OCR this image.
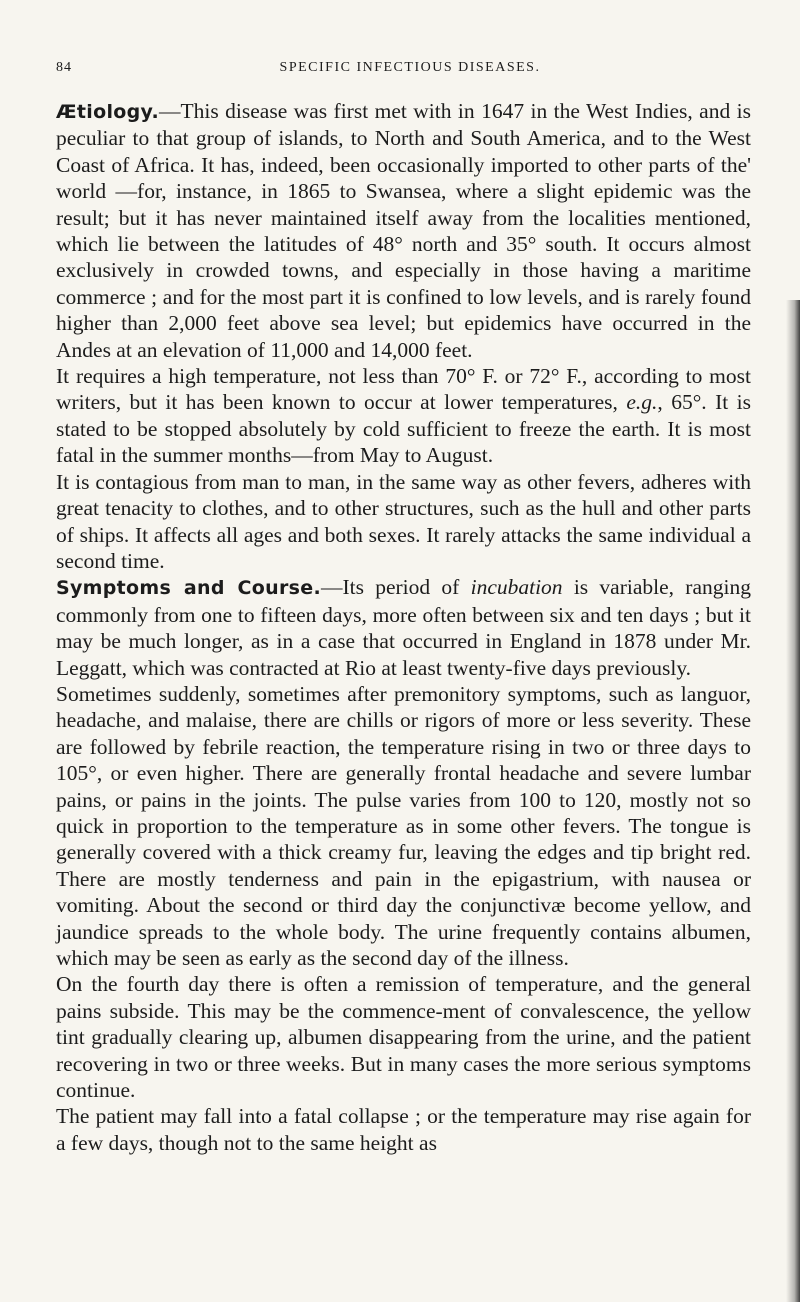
84	SPECIFIC INFECTIOUS DISEASES.

Ætiology.—This disease was first met with in 1647 in the West Indies, and is peculiar to that group of islands, to North and South America, and to the West Coast of Africa. It has, indeed, been occasionally imported to other parts of the' world —for, instance, in 1865 to Swansea, where a slight epidemic was the result; but it has never maintained itself away from the localities mentioned, which lie between the latitudes of 48° north and 35° south. It occurs almost exclusively in crowded towns, and especially in those having a maritime commerce ; and for the most part it is confined to low levels, and is rarely found higher than 2,000 feet above sea level; but epidemics have occurred in the Andes at an elevation of 11,000 and 14,000 feet.

It requires a high temperature, not less than 70° F. or 72° F., according to most writers, but it has been known to occur at lower temperatures, e.g., 65°. It is stated to be stopped absolutely by cold sufficient to freeze the earth. It is most fatal in the summer months—from May to August.

It is contagious from man to man, in the same way as other fevers, adheres with great tenacity to clothes, and to other structures, such as the hull and other parts of ships. It affects all ages and both sexes. It rarely attacks the same individual a second time.

Symptoms and Course.—Its period of incubation is variable, ranging commonly from one to fifteen days, more often between six and ten days ; but it may be much longer, as in a case that occurred in England in 1878 under Mr. Leggatt, which was contracted at Rio at least twenty-five days previously.

Sometimes suddenly, sometimes after premonitory symptoms, such as languor, headache, and malaise, there are chills or rigors of more or less severity. These are followed by febrile reaction, the temperature rising in two or three days to 105°, or even higher. There are generally frontal headache and severe lumbar pains, or pains in the joints. The pulse varies from 100 to 120, mostly not so quick in proportion to the temperature as in some other fevers. The tongue is generally covered with a thick creamy fur, leaving the edges and tip bright red. There are mostly tenderness and pain in the epigastrium, with nausea or vomiting. About the second or third day the conjunctivæ become yellow, and jaundice spreads to the whole body. The urine frequently contains albumen, which may be seen as early as the second day of the illness.

On the fourth day there is often a remission of temperature, and the general pains subside. This may be the commence-ment of convalescence, the yellow tint gradually clearing up, albumen disappearing from the urine, and the patient recovering in two or three weeks. But in many cases the more serious symptoms continue.

The patient may fall into a fatal collapse ; or the temperature may rise again for a few days, though not to the same height as
